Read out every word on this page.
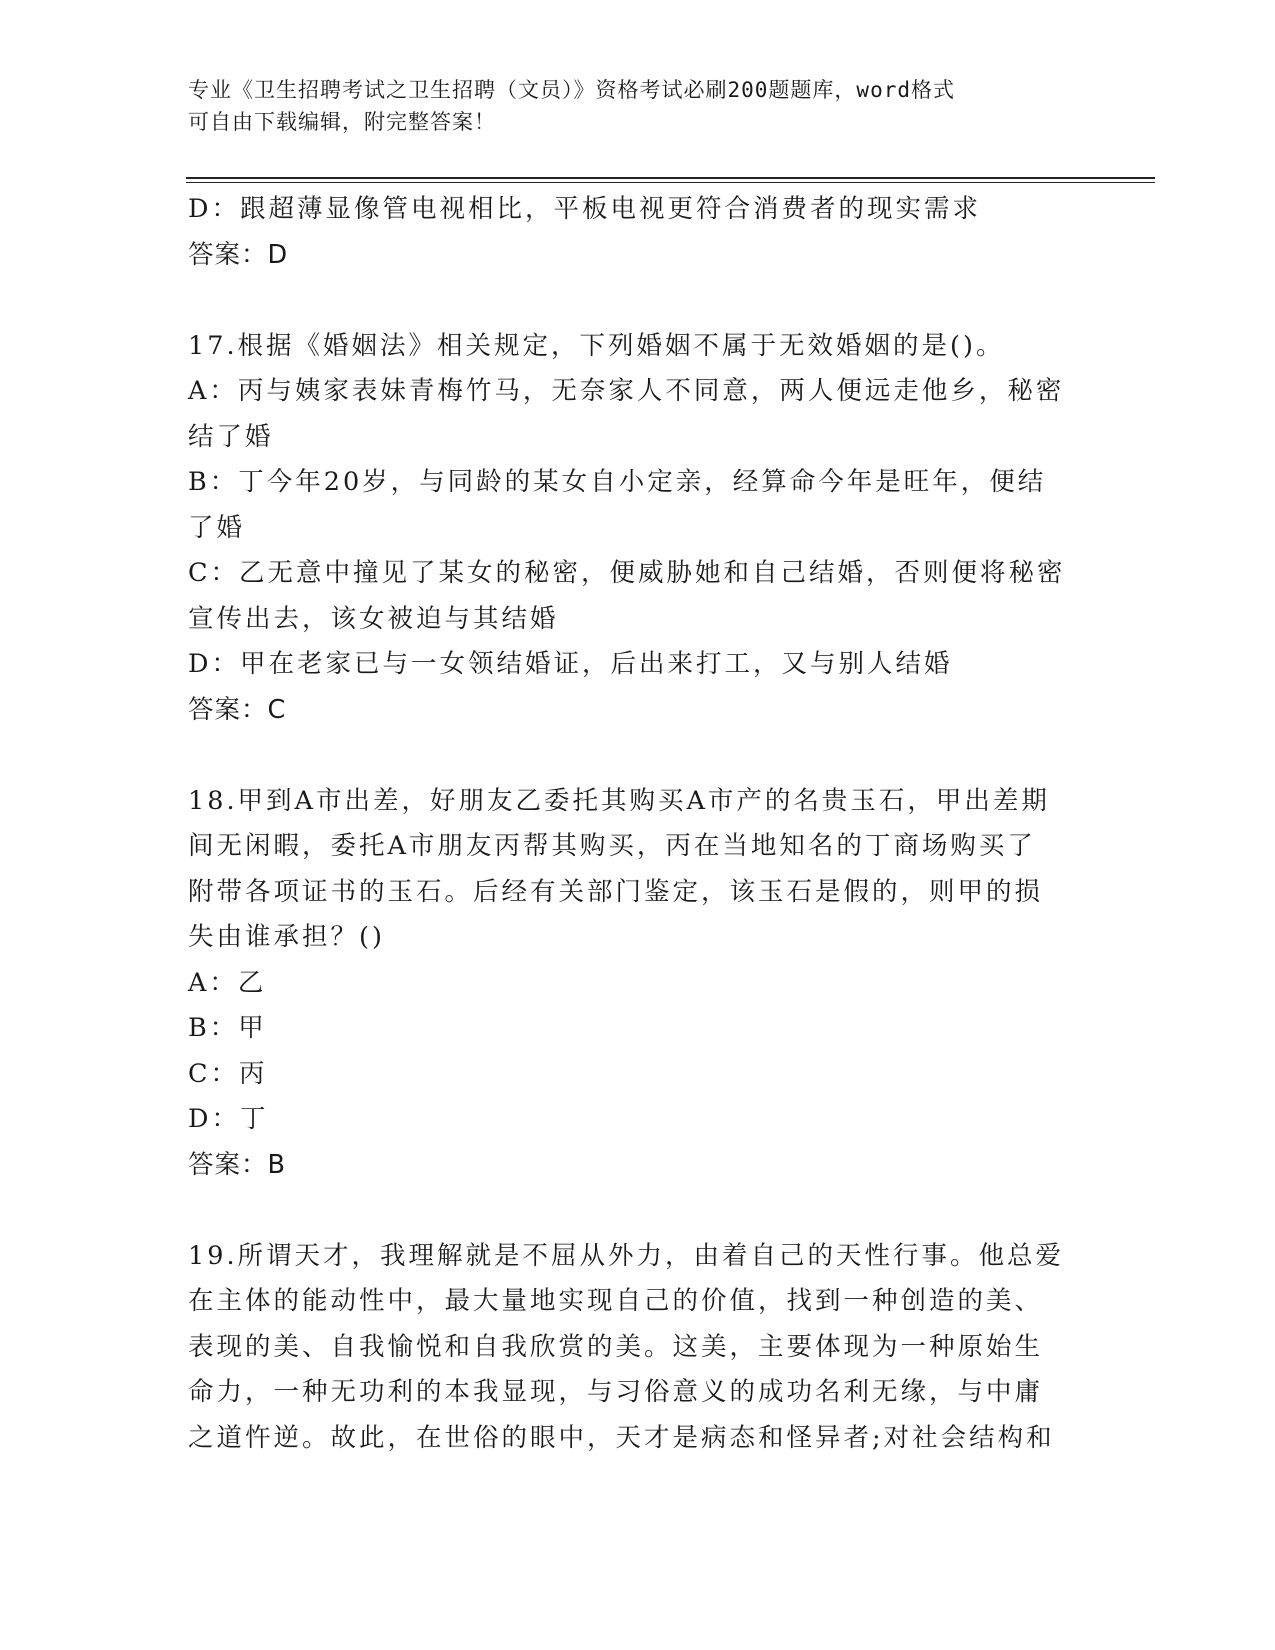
专业《卫生招聘考试之卫生招聘（文员）》资格考试必刷200题题库，word格式
可自由下载编辑，附完整答案！
D：跟超薄显像管电视相比，平板电视更符合消费者的现实需求
答案：D
17.根据《婚姻法》相关规定，下列婚姻不属于无效婚姻的是()。
A：丙与姨家表妹青梅竹马，无奈家人不同意，两人便远走他乡，秘密
结了婚
B：丁今年20岁，与同龄的某女自小定亲，经算命今年是旺年，便结
了婚
C：乙无意中撞见了某女的秘密，便威胁她和自己结婚，否则便将秘密
宣传出去，该女被迫与其结婚
D：甲在老家已与一女领结婚证，后出来打工，又与别人结婚
答案：C
18.甲到A市出差，好朋友乙委托其购买A市产的名贵玉石，甲出差期
间无闲暇，委托A市朋友丙帮其购买，丙在当地知名的丁商场购买了
附带各项证书的玉石。后经有关部门鉴定，该玉石是假的，则甲的损
失由谁承担？()
A：乙
B：甲
C：丙
D：丁
答案：B
19.所谓天才，我理解就是不屈从外力，由着自己的天性行事。他总爱
在主体的能动性中，最大量地实现自己的价值，找到一种创造的美、
表现的美、自我愉悦和自我欣赏的美。这美，主要体现为一种原始生
命力，一种无功利的本我显现，与习俗意义的成功名利无缘，与中庸
之道忤逆。故此，在世俗的眼中，天才是病态和怪异者;对社会结构和
